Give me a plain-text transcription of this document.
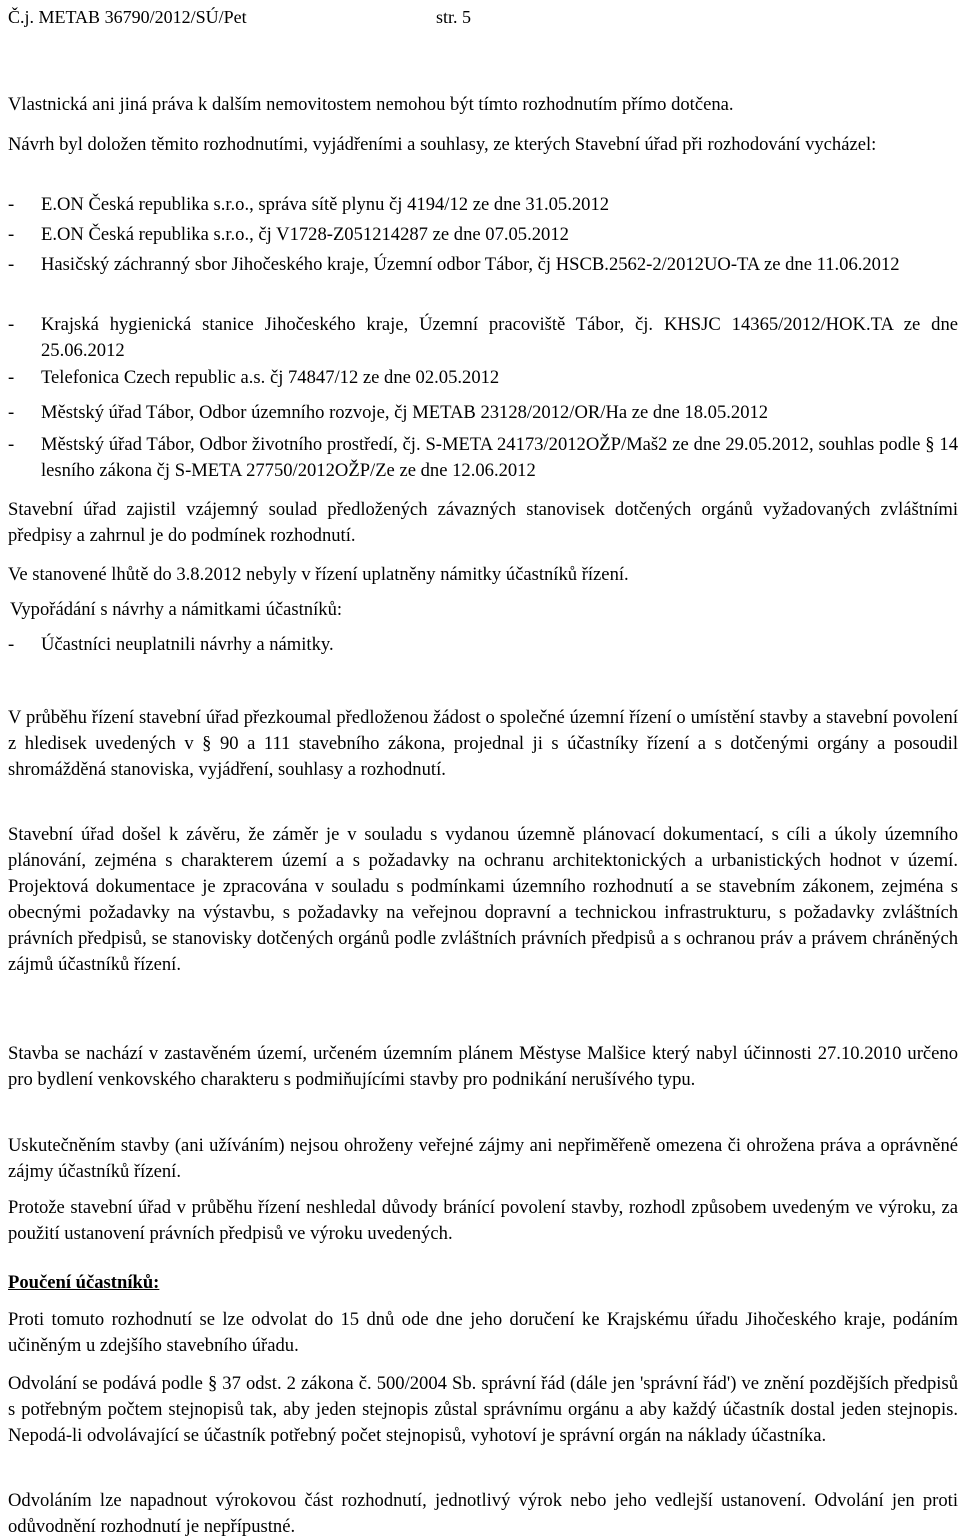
Č.j. METAB 36790/2012/SÚ/Pet	str. 5

Vlastnická ani jiná práva k dalším nemovitostem nemohou být tímto rozhodnutím přímo dotčena.

Návrh byl doložen těmito rozhodnutími, vyjádřeními a souhlasy, ze kterých Stavební úřad při rozhodování vycházel:

- E.ON Česká republika s.r.o., správa sítě plynu čj 4194/12 ze dne 31.05.2012
- E.ON Česká republika s.r.o., čj V1728-Z051214287 ze dne 07.05.2012
- Hasičský záchranný sbor Jihočeského kraje, Územní odbor Tábor, čj HSCB.2562-2/2012UO-TA ze dne 11.06.2012
- Krajská hygienická stanice Jihočeského kraje, Územní pracoviště Tábor, čj. KHSJC 14365/2012/HOK.TA ze dne 25.06.2012
- Telefonica Czech republic a.s. čj 74847/12 ze dne 02.05.2012
- Městský úřad Tábor, Odbor územního rozvoje, čj METAB 23128/2012/OR/Ha ze dne 18.05.2012
- Městský úřad Tábor, Odbor životního prostředí, čj. S-META 24173/2012OŽP/Maš2 ze dne 29.05.2012, souhlas podle § 14 lesního zákona čj S-META 27750/2012OŽP/Ze ze dne 12.06.2012

Stavební úřad zajistil vzájemný soulad předložených závazných stanovisek dotčených orgánů vyžadovaných zvláštními předpisy a zahrnul je do podmínek rozhodnutí.

Ve stanovené lhůtě do 3.8.2012 nebyly v řízení uplatněny námitky účastníků řízení.

Vypořádání s návrhy a námitkami účastníků:

- Účastníci neuplatnili návrhy a námitky.

V průběhu řízení stavební úřad přezkoumal předloženou žádost o společné územní řízení o umístění stavby a stavební povolení z hledisek uvedených v § 90 a 111 stavebního zákona, projednal ji s účastníky řízení a s dotčenými orgány a posoudil shromážděná stanoviska, vyjádření, souhlasy a rozhodnutí.

Stavební úřad došel k závěru, že záměr je v souladu s vydanou územně plánovací dokumentací, s cíli a úkoly územního plánování, zejména s charakterem území a s požadavky na ochranu architektonických a urbanistických hodnot v území. Projektová dokumentace je zpracována v souladu s podmínkami územního rozhodnutí a se stavebním zákonem, zejména s obecnými požadavky na výstavbu, s požadavky na veřejnou dopravní a technickou infrastrukturu, s požadavky zvláštních právních předpisů, se stanovisky dotčených orgánů podle zvláštních právních předpisů a s ochranou práv a právem chráněných zájmů účastníků řízení.

Stavba se nachází v zastavěném území, určeném územním plánem Městyse Malšice který nabyl účinnosti 27.10.2010 určeno pro bydlení venkovského charakteru s podmiňujícími stavby pro podnikání nerušívého typu.

Uskutečněním stavby (ani užíváním) nejsou ohroženy veřejné zájmy ani nepřiměřeně omezena či ohrožena práva a oprávněné zájmy účastníků řízení.

Protože stavební úřad v průběhu řízení neshledal důvody bránící povolení stavby, rozhodl způsobem uvedeným ve výroku, za použití ustanovení právních předpisů ve výroku uvedených.

Poučení účastníků:

Proti tomuto rozhodnutí se lze odvolat do 15 dnů ode dne jeho doručení ke Krajskému úřadu Jihočeského kraje, podáním učiněným u zdejšího stavebního úřadu.

Odvolání se podává podle § 37 odst. 2 zákona č. 500/2004 Sb. správní řád (dále jen 'správní řád') ve znění pozdějších předpisů s potřebným počtem stejnopisů tak, aby jeden stejnopis zůstal správnímu orgánu a aby každý účastník dostal jeden stejnopis. Nepodá-li odvolávající se účastník potřebný počet stejnopisů, vyhotoví je správní orgán na náklady účastníka.

Odvoláním lze napadnout výrokovou část rozhodnutí, jednotlivý výrok nebo jeho vedlejší ustanovení. Odvolání jen proti odůvodnění rozhodnutí je nepřípustné.
